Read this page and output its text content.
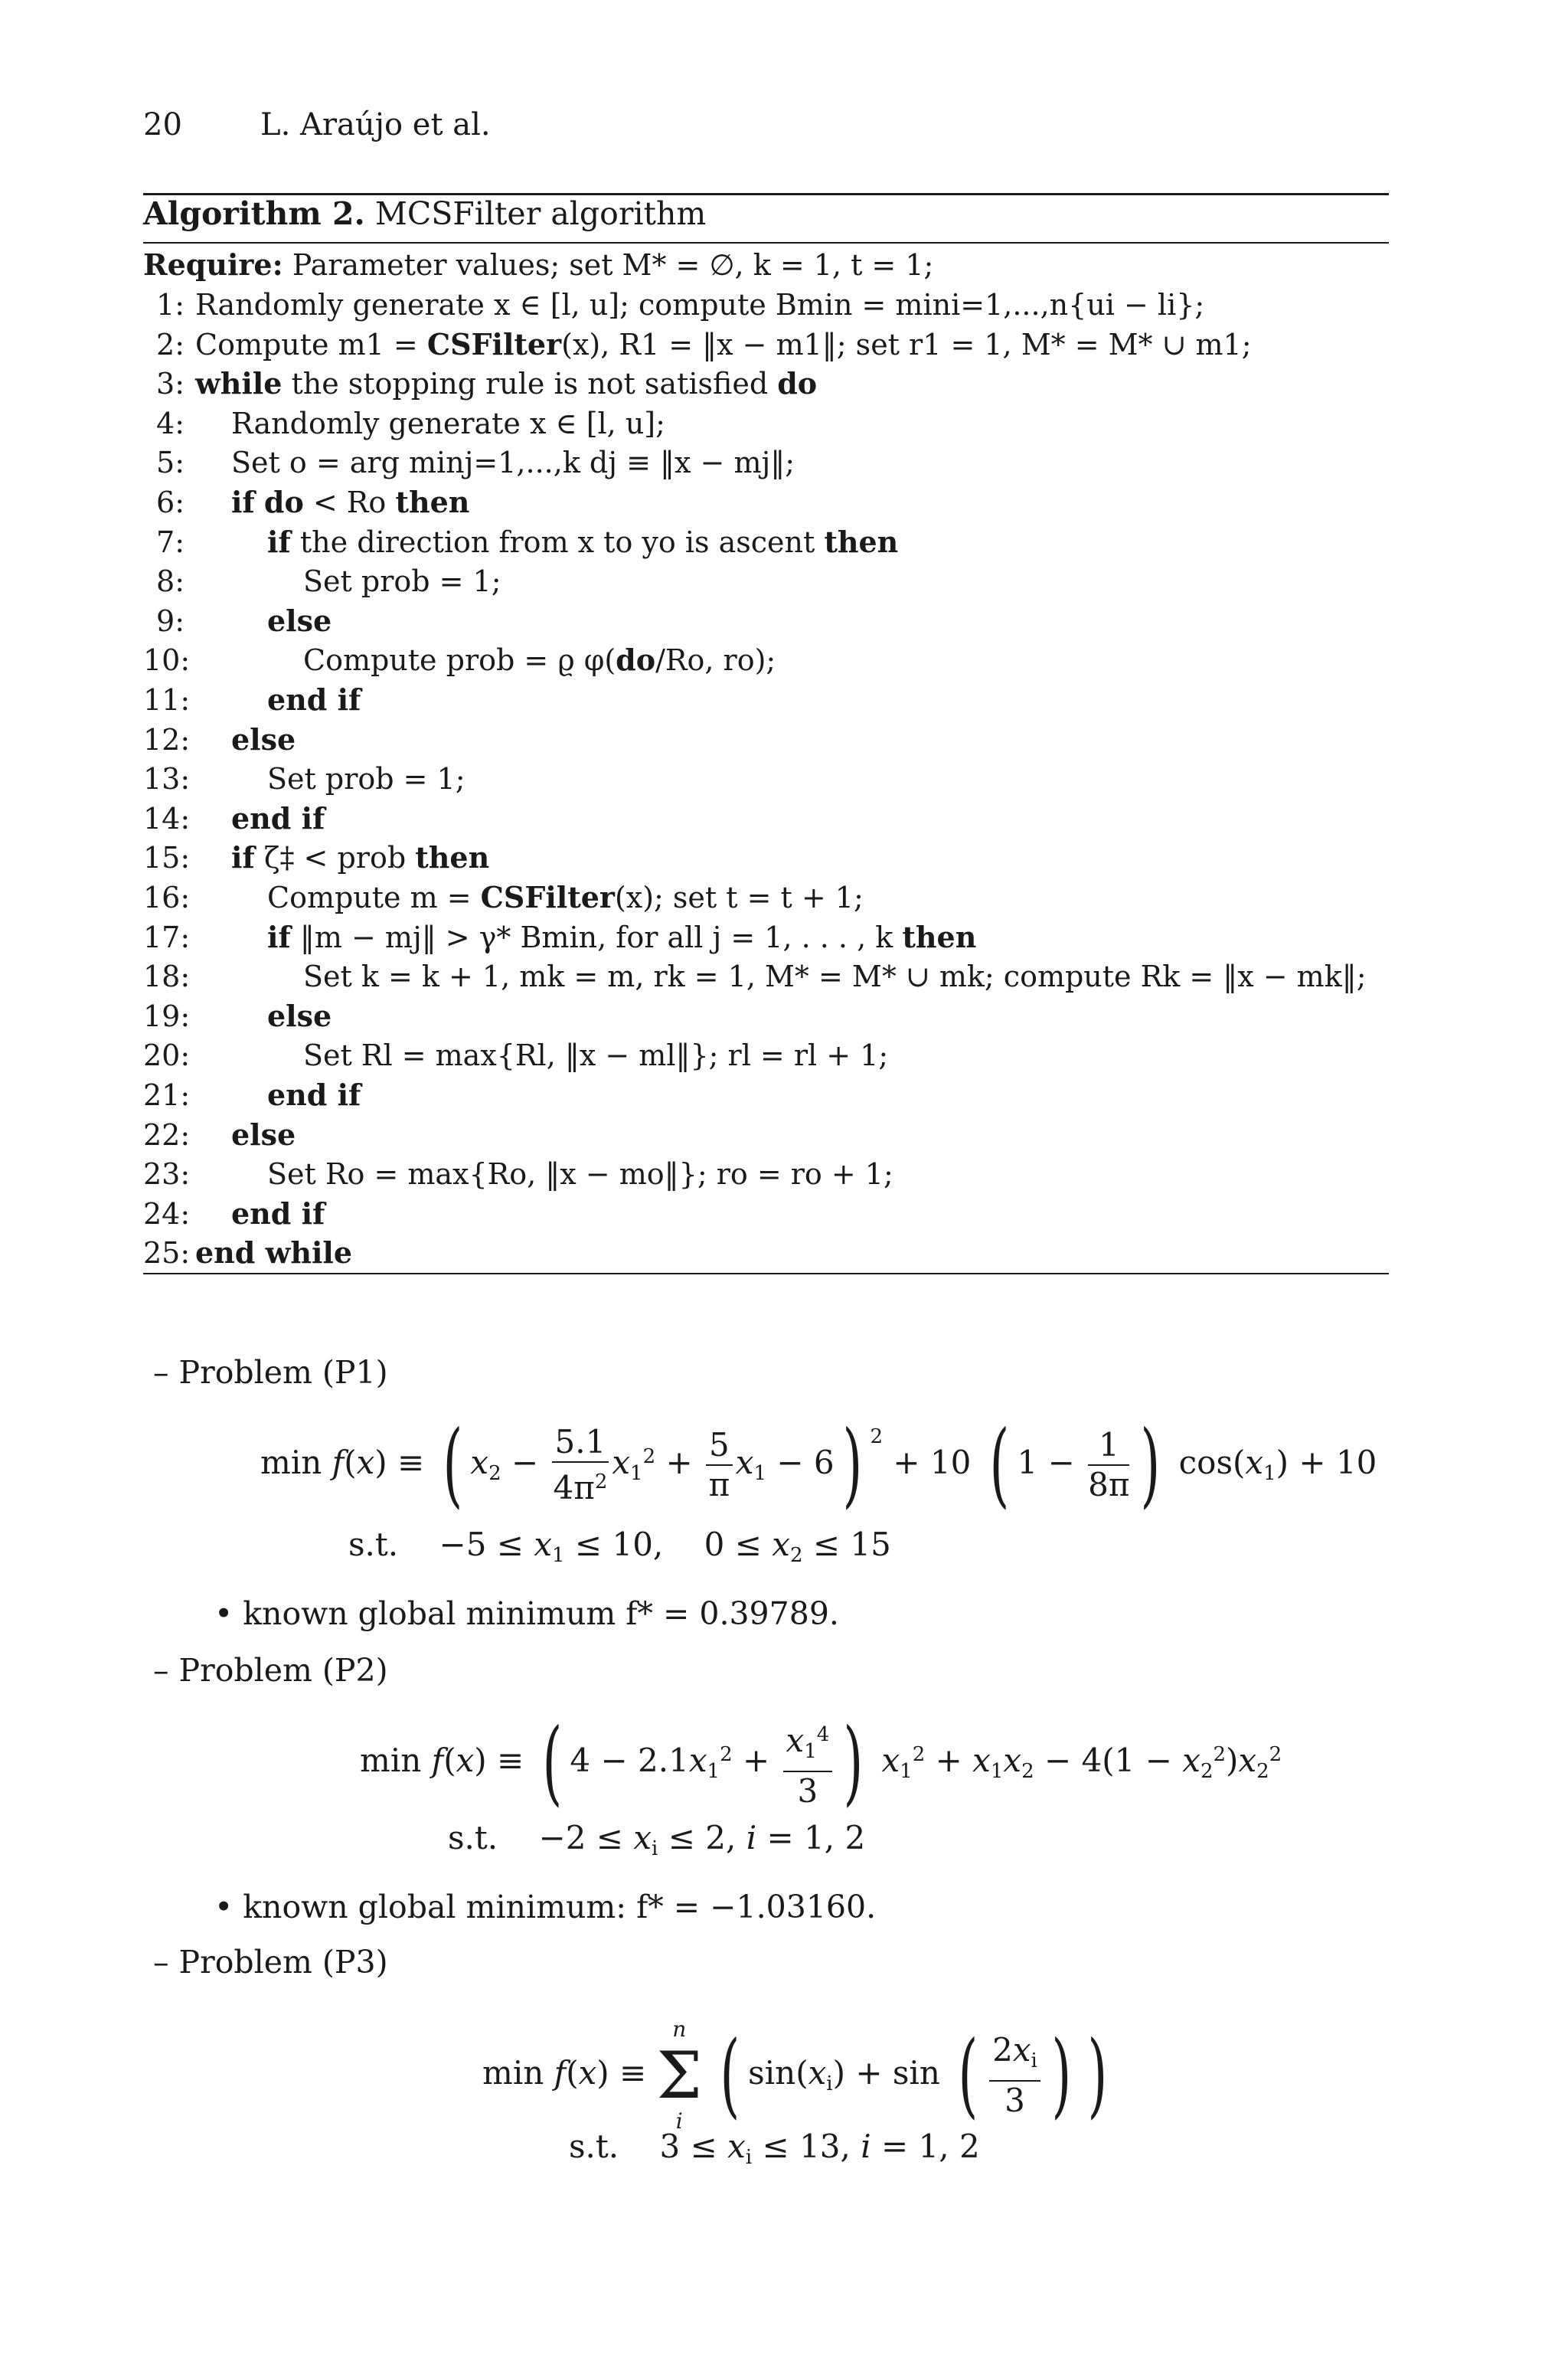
20	L. Araújo et al.
Algorithm 2. MCSFilter algorithm
Require: Parameter values; set M* = ∅, k = 1, t = 1;
1: Randomly generate x ∈ [l, u]; compute Bmin = mini=1,...,n{ui − li};
2: Compute m1 = CSFilter(x), R1 = ‖x − m1‖; set r1 = 1, M* = M* ∪ m1;
3: while the stopping rule is not satisfied do
4: Randomly generate x ∈ [l, u];
5: Set o = arg minj=1,...,k dj ≡ ‖x − mj‖;
6: if do < Ro then
7:	if the direction from x to yo is ascent then
8:	Set prob = 1;
9:	else
10:	Compute prob = ϱ φ(do/Ro, ro);
11:	end if
12: else
13:	Set prob = 1;
14: end if
15: if ζ‡ < prob then
16:	Compute m = CSFilter(x); set t = t + 1;
17:	if ‖m − mj‖ > γ* Bmin, for all j = 1, . . . , k then
18:	Set k = k + 1, mk = m, rk = 1, M* = M* ∪ mk; compute Rk = ‖x − mk‖;
19:	else
20:	Set Rl = max{Rl, ‖x − ml‖}; rl = rl + 1;
21:	end if
22: else
23:	Set Ro = max{Ro, ‖x − mo‖}; ro = ro + 1;
24: end if
25: end while
– Problem (P1)
min f(x) ≡ ( $x_2 - \frac{5.1}{4\pi^2} x_1^2 + \frac{5}{\pi} x_1 - 6$) $^2$ + 10 ( $1 - \frac{1}{8\pi}$ ) $\cos(x_1) + 10$
s.t.    $-5 \le x_1 \le 10$,    $0 \le x_2 \le 15$
• known global minimum f* = 0.39789.
– Problem (P2)
min f(x) ≡ ( $4 - 2.1x_1^2 + \frac{x_1^4}{3}$ ) $x_1^2 + x_1x_2 - 4(1 - x_2^2)x_2^2$
s.t.    $-2 \le x_i \le 2$, i = 1, 2
• known global minimum: f* = −1.03160.
– Problem (P3)
min f(x) ≡
n
Σ
i
( $\sin(x_i) + \sin$ ( $\frac{2x_i}{3}$ ) )
s.t.    $3 \le x_i \le 13$, i = 1, 2
